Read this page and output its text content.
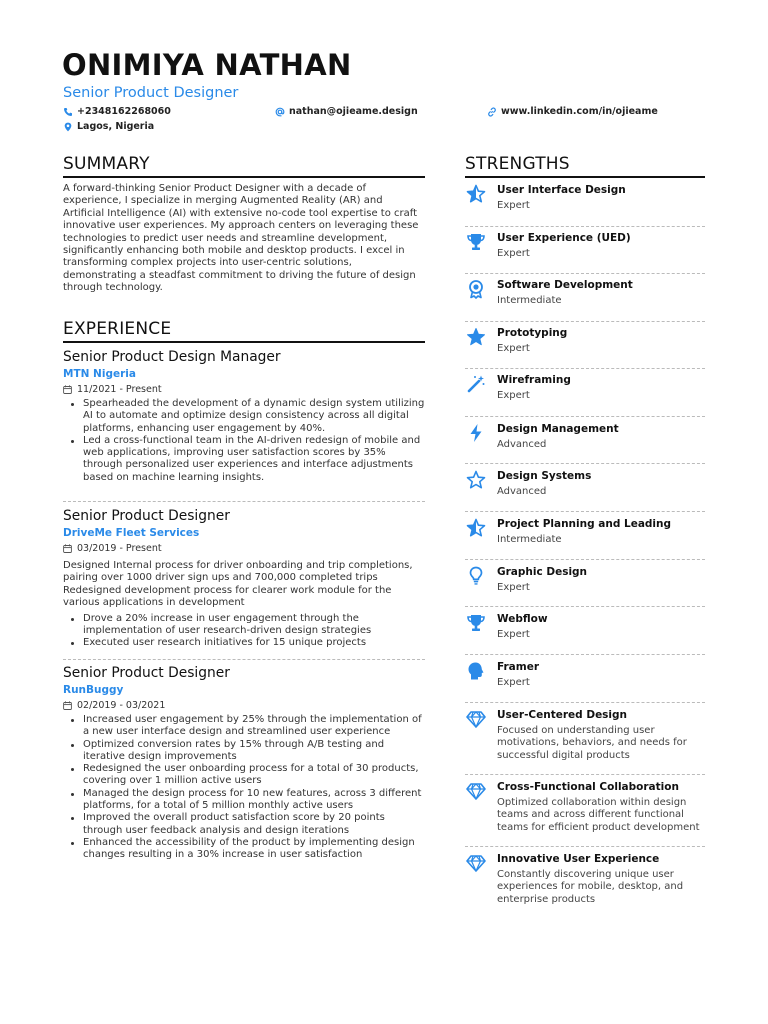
ONIMIYA NATHAN

Senior Product Designer

+2348162268060	nathan@ojieame.design	www.linkedin.com/in/ojieame
Lagos, Nigeria
SUMMARY

A forward-thinking Senior Product Designer with a decade of experience, I specialize in merging Augmented Reality (AR) and Artificial Intelligence (AI) with extensive no-code tool expertise to craft innovative user experiences. My approach centers on leveraging these technologies to predict user needs and streamline development, significantly enhancing both mobile and desktop products. I excel in transforming complex projects into user-centric solutions, demonstrating a steadfast commitment to driving the future of design through technology.

EXPERIENCE

Senior Product Design Manager

MTN Nigeria

11/2021 - Present

Spearheaded the development of a dynamic design system utilizing AI to automate and optimize design consistency across all digital platforms, enhancing user engagement by 40%.
Led a cross-functional team in the AI-driven redesign of mobile and web applications, improving user satisfaction scores by 35% through personalized user experiences and interface adjustments based on machine learning insights.

Senior Product Designer

DriveMe Fleet Services

03/2019 - Present

Designed Internal process for driver onboarding and trip completions, pairing over 1000 driver sign ups and 700,000 completed trips Redesigned development process for clearer work module for the various applications in development

Drove a 20% increase in user engagement through the implementation of user research-driven design strategies
Executed user research initiatives for 15 unique projects

Senior Product Designer

RunBuggy

02/2019 - 03/2021

Increased user engagement by 25% through the implementation of a new user interface design and streamlined user experience
Optimized conversion rates by 15% through A/B testing and iterative design improvements
Redesigned the user onboarding process for a total of 30 products, covering over 1 million active users
Managed the design process for 10 new features, across 3 different platforms, for a total of 5 million monthly active users
Improved the overall product satisfaction score by 20 points through user feedback analysis and design iterations
Enhanced the accessibility of the product by implementing design changes resulting in a 30% increase in user satisfaction
STRENGTHS

User Interface Design

Expert

User Experience (UED)

Expert

Software Development

Intermediate

Prototyping

Expert

Wireframing

Expert

Design Management

Advanced

Design Systems

Advanced

Project Planning and Leading

Intermediate

Graphic Design

Expert

Webflow

Expert

Framer

Expert

User-Centered Design

Focused on understanding user motivations, behaviors, and needs for successful digital products

Cross-Functional Collaboration

Optimized collaboration within design teams and across different functional teams for efficient product development

Innovative User Experience

Constantly discovering unique user experiences for mobile, desktop, and enterprise products
